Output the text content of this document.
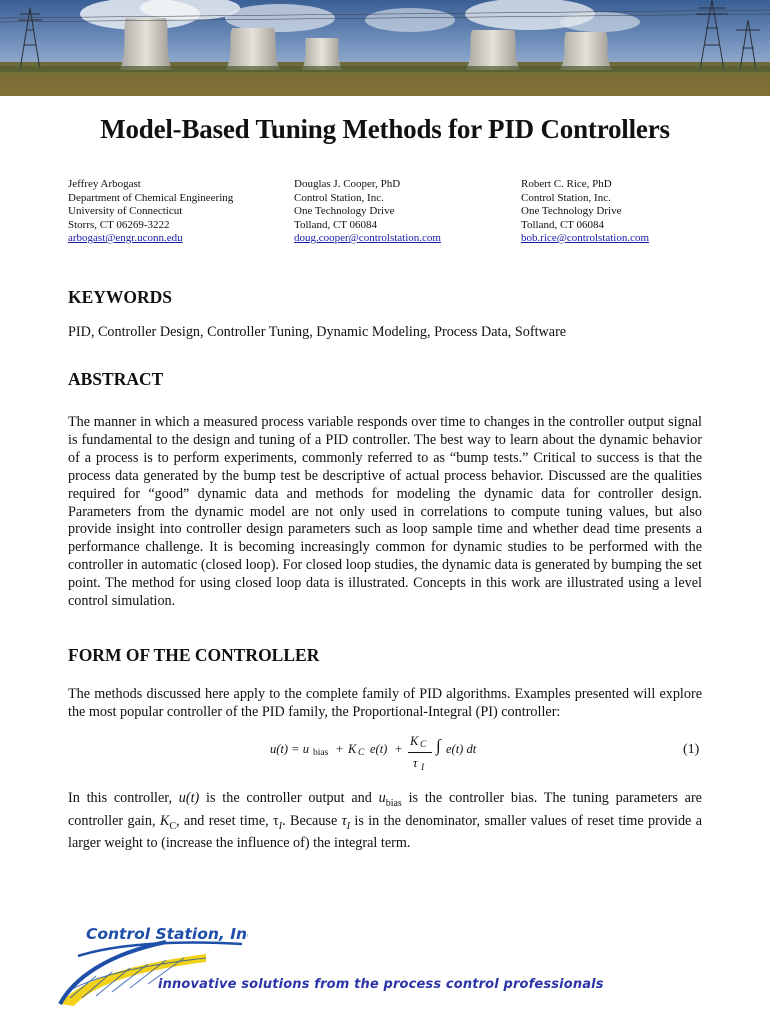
Model-Based Tuning Methods for PID Controllers
Jeffrey Arbogast
Department of Chemical Engineering
University of Connecticut
Storrs, CT 06269-3222
arbogast@engr.uconn.edu
Douglas J. Cooper, PhD
Control Station, Inc.
One Technology Drive
Tolland, CT 06084
doug.cooper@controlstation.com
Robert C. Rice, PhD
Control Station, Inc.
One Technology Drive
Tolland, CT 06084
bob.rice@controlstation.com
KEYWORDS

PID, Controller Design, Controller Tuning, Dynamic Modeling, Process Data, Software

ABSTRACT

The manner in which a measured process variable responds over time to changes in the controller output signal is fundamental to the design and tuning of a PID controller. The best way to learn about the dynamic behavior of a process is to perform experiments, commonly referred to as “bump tests.” Critical to success is that the process data generated by the bump test be descriptive of actual process behavior. Discussed are the qualities required for “good” dynamic data and methods for modeling the dynamic data for controller design. Parameters from the dynamic model are not only used in correlations to compute tuning values, but also provide insight into controller design parameters such as loop sample time and whether dead time presents a performance challenge. It is becoming increasingly common for dynamic studies to be performed with the controller in automatic (closed loop). For closed loop studies, the dynamic data is generated by bumping the set point. The method for using closed loop data is illustrated. Concepts in this work are illustrated using a level control simulation.

FORM OF THE CONTROLLER

The methods discussed here apply to the complete family of PID algorithms. Examples presented will explore the most popular controller of the PID family, the Proportional-Integral (PI) controller:

u(t) = u bias + K C e(t) +
K C
τ I
∫ e(t) dt	(1)

In this controller, u(t) is the controller output and $u_{bias}$ is the controller bias. The tuning parameters are controller gain, $K_C$, and reset time, $\tau_I$. Because $\tau_I$ is in the denominator, smaller values of reset time provide a larger weight to (increase the influence of) the integral term.

Control Station, Inc.
innovative solutions from the process control professionals
